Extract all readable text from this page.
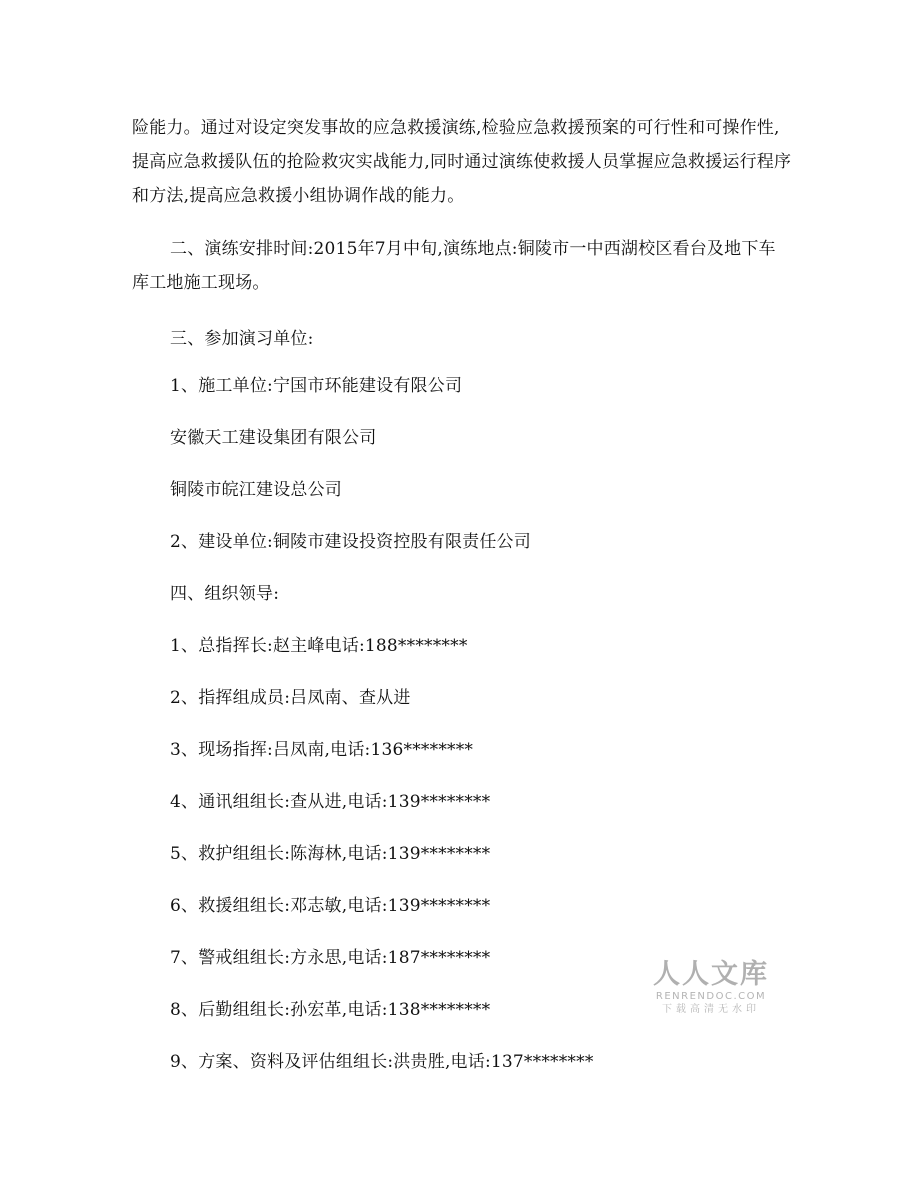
险能力。通过对设定突发事故的应急救援演练,检验应急救援预案的可行性和可操作性,提高应急救援队伍的抢险救灾实战能力,同时通过演练使救援人员掌握应急救援运行程序和方法,提高应急救援小组协调作战的能力。

二、演练安排时间:2015年7月中旬,演练地点:铜陵市一中西湖校区看台及地下车库工地施工现场。

三、参加演习单位:

1、施工单位:宁国市环能建设有限公司

安徽天工建设集团有限公司

铜陵市皖江建设总公司

2、建设单位:铜陵市建设投资控股有限责任公司

四、组织领导:

1、总指挥长:赵主峰电话:188********

2、指挥组成员:吕凤南、查从进

3、现场指挥:吕凤南,电话:136********

4、通讯组组长:查从进,电话:139********

5、救护组组长:陈海林,电话:139********

6、救援组组长:邓志敏,电话:139********

7、警戒组组长:方永思,电话:187********

8、后勤组组长:孙宏革,电话:138********

9、方案、资料及评估组组长:洪贵胜,电话:137********

人人文库
RENRENDOC.COM
下载高清无水印
